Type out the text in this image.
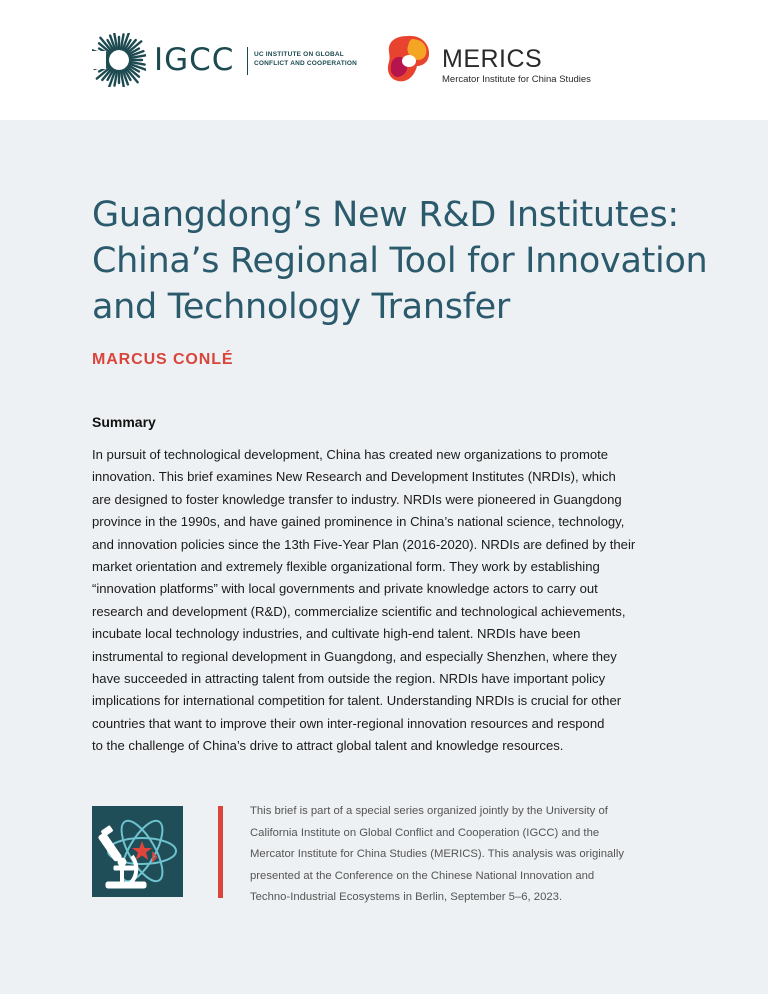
IGCC	UC INSTITUTE ON GLOBAL
CONFLICT AND COOPERATION	MERICS
Mercator Institute for China Studies
Guangdong’s New R&D Institutes:
China’s Regional Tool for Innovation
and Technology Transfer
MARCUS CONLÉ
Summary
In pursuit of technological development, China has created new organizations to promote
innovation. This brief examines New Research and Development Institutes (NRDIs), which
are designed to foster knowledge transfer to industry. NRDIs were pioneered in Guangdong
province in the 1990s, and have gained prominence in China’s national science, technology,
and innovation policies since the 13th Five-Year Plan (2016-2020). NRDIs are defined by their
market orientation and extremely flexible organizational form. They work by establishing
“innovation platforms” with local governments and private knowledge actors to carry out
research and development (R&D), commercialize scientific and technological achievements,
incubate local technology industries, and cultivate high-end talent. NRDIs have been
instrumental to regional development in Guangdong, and especially Shenzhen, where they
have succeeded in attracting talent from outside the region. NRDIs have important policy
implications for international competition for talent. Understanding NRDIs is crucial for other
countries that want to improve their own inter-regional innovation resources and respond
to the challenge of China’s drive to attract global talent and knowledge resources.
This brief is part of a special series organized jointly by the University of
California Institute on Global Conflict and Cooperation (IGCC) and the
Mercator Institute for China Studies (MERICS). This analysis was originally
presented at the Conference on the Chinese National Innovation and
Techno-Industrial Ecosystems in Berlin, September 5–6, 2023.
